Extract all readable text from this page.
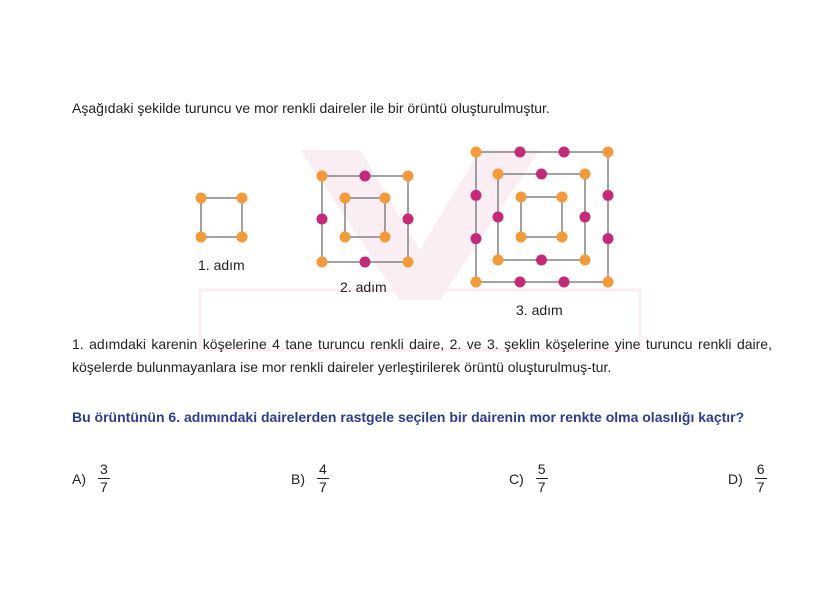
Aşağıdaki şekilde turuncu ve mor renkli daireler ile bir örüntü oluşturulmuştur.
1. adım
2. adım
3. adım
1. adımdaki karenin köşelerine 4 tane turuncu renkli daire, 2. ve 3. şeklin köşelerine yine turuncu renkli daire, köşelerde bulunmayanlara ise mor renkli daireler yerleştirilerek örüntü oluşturulmuş-tur.
Bu örüntünün 6. adımındaki dairelerden rastgele seçilen bir dairenin mor renkte olma olasılığı kaçtır?
$A) \frac{3}{7}$	$B) \frac{4}{7}$	$C) \frac{5}{7}$	$D) \frac{6}{7}$
